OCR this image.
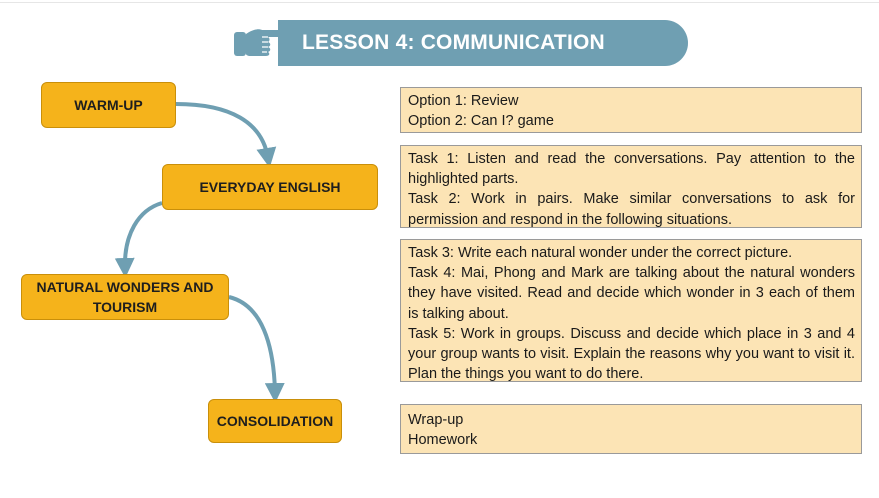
LESSON 4: COMMUNICATION
WARM-UP
EVERYDAY ENGLISH
NATURAL WONDERS AND TOURISM
CONSOLIDATION

Option 1: Review

Option 2: Can I? game

Task 1: Listen and read the conversations. Pay attention to the highlighted parts.

Task 2: Work in pairs. Make similar conversations to ask for permission and respond in the following situations.

Task 3: Write each natural wonder under the correct picture.

Task 4: Mai, Phong and Mark are talking about the natural wonders they have visited. Read and decide which wonder in 3 each of them is talking about.

Task 5: Work in groups. Discuss and decide which place in 3 and 4 your group wants to visit. Explain the reasons why you want to visit it. Plan the things you want to do there.

Wrap-up

Homework
